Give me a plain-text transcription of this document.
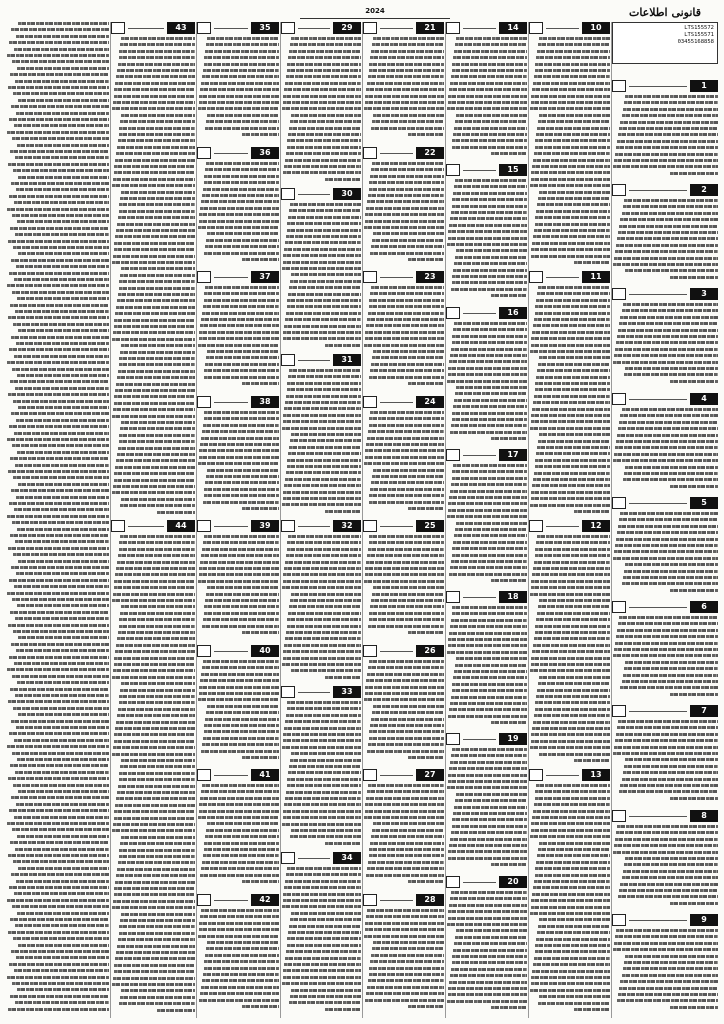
2024	قانونی اطلاعات
LTS155572
LTS155571
03455168858
1
2
3
4
5
6
7
8
9
10
11
12
13
14
15
16
17
18
19
20
21
22
23
24
25
26
27
28
29
30
31
32
33
34
35
36
37
38
39
40
41
42
43
44
